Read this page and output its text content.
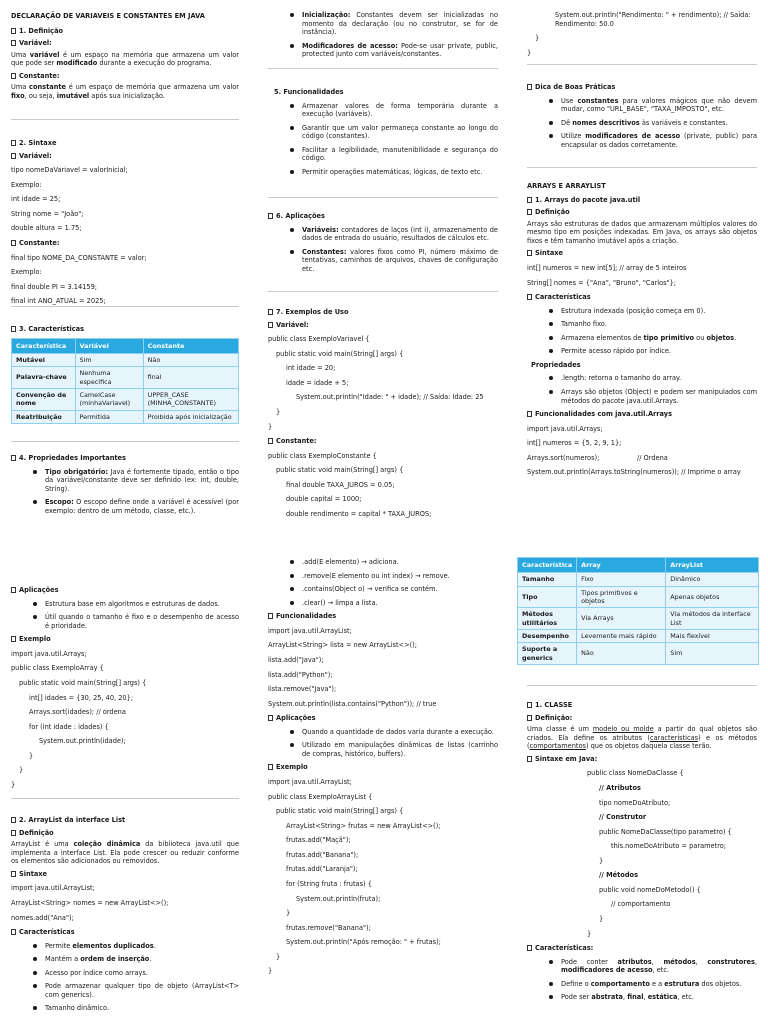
DECLARAÇÃO DE VARIAVEIS E CONSTANTES EM JAVA
1. Definição
Variável:
Uma variável é um espaço na memória que armazena um valor que pode ser modificado durante a execução do programa.
Constante:
Uma constante é um espaço de memória que armazena um valor fixo, ou seja, imutável após sua inicialização.
2. Sintaxe
Variável:
tipo nomeDaVariavel = valorInicial;
Exemplo:
int idade = 25;
String nome = "João";
double altura = 1.75;
Constante:
final tipo NOME_DA_CONSTANTE = valor;
Exemplo:
final double PI = 3.14159;
final int ANO_ATUAL = 2025;
3. Características
Característica	Variável	Constante
Mutável	Sim	Não
Palavra-chave	Nenhuma específica	final
Convenção de nome	CamelCase (minhaVariavel)	UPPER_CASE (MINHA_CONSTANTE)
Reatribuição	Permitida	Proibida após inicialização
4. Propriedades Importantes
Tipo obrigatório: Java é fortemente tipado, então o tipo da variável/constante deve ser definido (ex: int, double, String).
Escopo: O escopo define onde a variável é acessível (por exemplo: dentro de um método, classe, etc.).
Inicialização: Constantes devem ser inicializadas no momento da declaração (ou no construtor, se for de instância).
Modificadores de acesso: Pode-se usar private, public, protected junto com variáveis/constantes.
5. Funcionalidades
Armazenar valores de forma temporária durante a execução (variáveis).
Garantir que um valor permaneça constante ao longo do código (constantes).
Facilitar a legibilidade, manutenibilidade e segurança do código.
Permitir operações matemáticas, lógicas, de texto etc.
6. Aplicações
Variáveis: contadores de laços (int i), armazenamento de dados de entrada do usuário, resultados de cálculos etc.
Constantes: valores fixos como PI, número máximo de tentativas, caminhos de arquivos, chaves de configuração etc.
7. Exemplos de Uso
Variável:
public class ExemploVariavel {
public static void main(String[] args) {
int idade = 20;
idade = idade + 5;
System.out.println("Idade: " + idade); // Saída: Idade: 25
}
}
Constante:
public class ExemploConstante {
public static void main(String[] args) {
final double TAXA_JUROS = 0.05;
double capital = 1000;
double rendimento = capital * TAXA_JUROS;
System.out.println("Rendimento: " + rendimento); // Saída: Rendimento: 50.0
}
}
Dica de Boas Práticas
Use constantes para valores mágicos que não devem mudar, como "URL_BASE", "TAXA_IMPOSTO", etc.
Dê nomes descritivos às variáveis e constantes.
Utilize modificadores de acesso (private, public) para encapsular os dados corretamente.
ARRAYS E ARRAYLIST
1. Arrays do pacote java.util
Definição
Arrays são estruturas de dados que armazenam múltiplos valores do mesmo tipo em posições indexadas. Em Java, os arrays são objetos fixos e têm tamanho imutável após a criação.
Sintaxe
int[] numeros = new int[5]; // array de 5 inteiros
String[] nomes = {"Ana", "Bruno", "Carlos"};
Características
Estrutura indexada (posição começa em 0).
Tamanho fixo.
Armazena elementos de tipo primitivo ou objetos.
Permite acesso rápido por índice.
Propriedades
.length: retorna o tamanho do array.
Arrays são objetos (Object) e podem ser manipulados com métodos do pacote java.util.Arrays.
Funcionalidades com java.util.Arrays
import java.util.Arrays;
int[] numeros = {5, 2, 9, 1};
Arrays.sort(numeros);                  // Ordena
System.out.println(Arrays.toString(numeros)); // Imprime o array
Aplicações
Estrutura base em algoritmos e estruturas de dados.
Útil quando o tamanho é fixo e o desempenho de acesso é prioridade.
Exemplo
import java.util.Arrays;
public class ExemploArray {
public static void main(String[] args) {
int[] idades = {30, 25, 40, 20};
Arrays.sort(idades); // ordena
for (int idade : idades) {
System.out.println(idade);
}
}
}
2. ArrayList da interface List
Definição
ArrayList é uma coleção dinâmica da biblioteca java.util que implementa a interface List. Ela pode crescer ou reduzir conforme os elementos são adicionados ou removidos.
Sintaxe
import java.util.ArrayList;
ArrayList<String> nomes = new ArrayList<>();
nomes.add("Ana");
Características
Permite elementos duplicados.
Mantém a ordem de inserção.
Acesso por índice como arrays.
Pode armazenar qualquer tipo de objeto (ArrayList<T> com generics).
Tamanho dinâmico.
.add(E elemento) → adiciona.
.remove(E elemento ou int index) → remove.
.contains(Object o) → verifica se contém.
.clear() → limpa a lista.
Funcionalidades
import java.util.ArrayList;
ArrayList<String> lista = new ArrayList<>();
lista.add("Java");
lista.add("Python");
lista.remove("Java");
System.out.println(lista.contains("Python")); // true
Aplicações
Quando a quantidade de dados varia durante a execução.
Utilizado em manipulações dinâmicas de listas (carrinho de compras, histórico, buffers).
Exemplo
import java.util.ArrayList;
public class ExemploArrayList {
public static void main(String[] args) {
ArrayList<String> frutas = new ArrayList<>();
frutas.add("Maçã");
frutas.add("Banana");
frutas.add("Laranja");
for (String fruta : frutas) {
System.out.println(fruta);
}
frutas.remove("Banana");
System.out.println("Após remoção: " + frutas);
}
}
Característica	Array	ArrayList
Tamanho	Fixo	Dinâmico
Tipo	Tipos primitivos e objetos	Apenas objetos
Métodos utilitários	Via Arrays	Via métodos da interface List
Desempenho	Levemente mais rápido	Mais flexível
Suporte a generics	Não	Sim
1. CLASSE
Definição:
Uma classe é um modelo ou molde a partir do qual objetos são criados. Ela define os atributos (características) e os métodos (comportamentos) que os objetos daquela classe terão.
Sintaxe em Java:
public class NomeDaClasse {
// Atributos
tipo nomeDoAtributo;
// Construtor
public NomeDaClasse(tipo parametro) {
this.nomeDoAtributo = parametro;
}
// Métodos
public void nomeDoMetodo() {
// comportamento
}
}
Características:
Pode conter atributos, métodos, construtores, modificadores de acesso, etc.
Define o comportamento e a estrutura dos objetos.
Pode ser abstrata, final, estática, etc.
